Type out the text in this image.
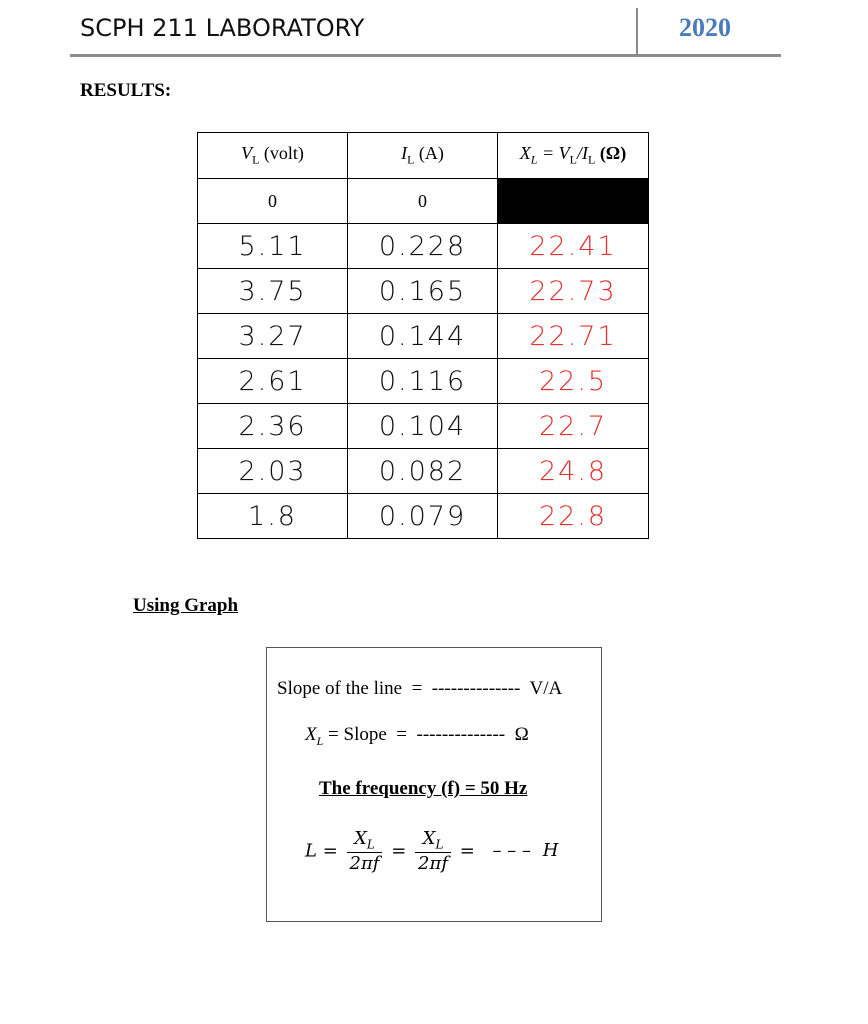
SCPH 211 LABORATORY	2020
RESULTS:
$V_L$ (volt)	$I_L$ (A)	$X_L = V_L/I_L$ (Ω)
0	0	
5.11	0.228	22.41
3.75	0.165	22.73
3.27	0.144	22.71
2.61	0.116	22.5
2.36	0.104	22.7
2.03	0.082	24.8
1.8	0.079	22.8
Using Graph
Slope of the line  =  -------------- V/A
$X_L$ = Slope  =  -------------- Ω
The frequency (f) = 50 Hz
$L = \frac{X_L}{2\pi f} = \frac{X_L}{2\pi f}$ = – – – H
